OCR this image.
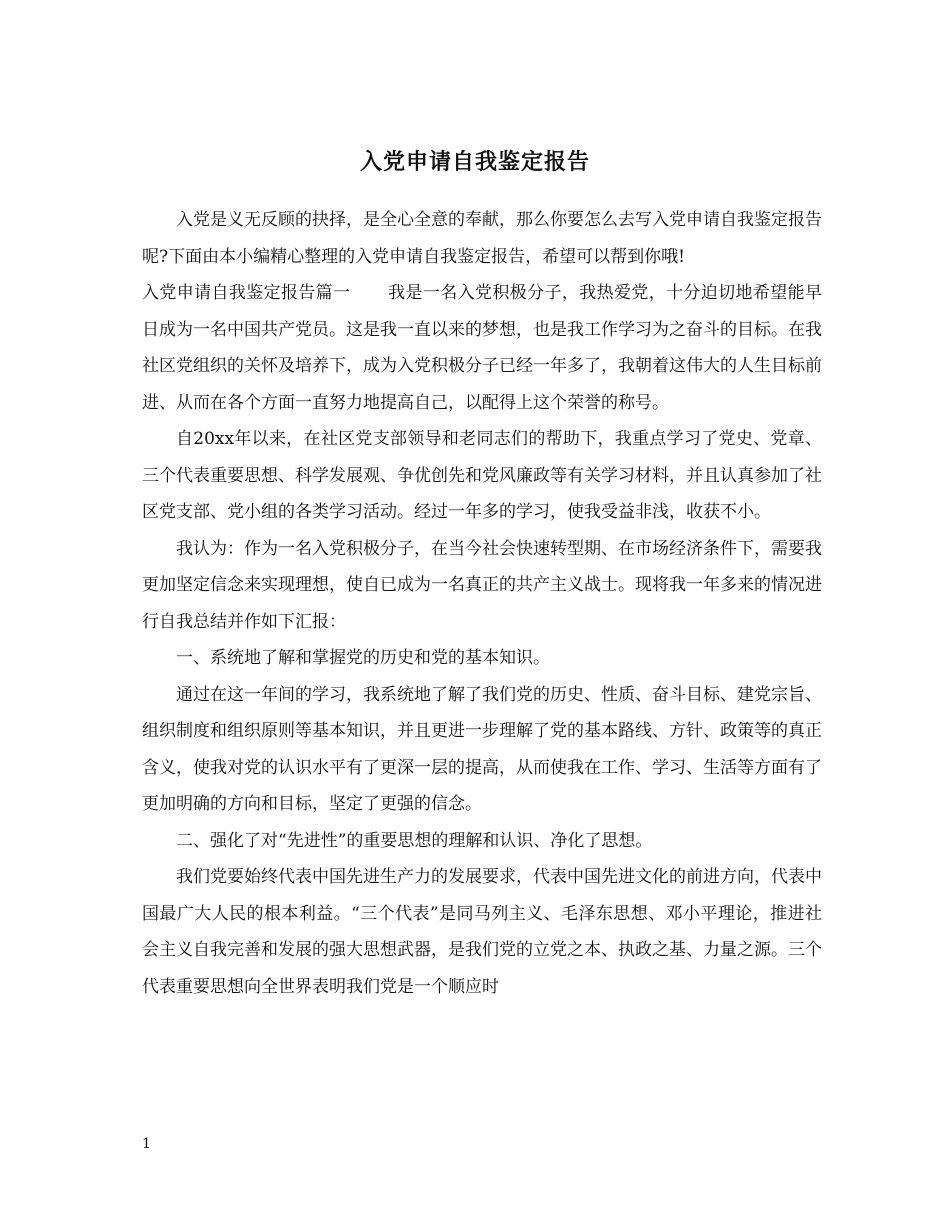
入党申请自我鉴定报告

入党是义无反顾的抉择，是全心全意的奉献，那么你要怎么去写入党申请自我鉴定报告呢?下面由本小编精心整理的入党申请自我鉴定报告，希望可以帮到你哦!

入党申请自我鉴定报告篇一 我是一名入党积极分子，我热爱党，十分迫切地希望能早日成为一名中国共产党员。这是我一直以来的梦想，也是我工作学习为之奋斗的目标。在我社区党组织的关怀及培养下，成为入党积极分子已经一年多了，我朝着这伟大的人生目标前进、从而在各个方面一直努力地提高自己，以配得上这个荣誉的称号。

自20xx年以来，在社区党支部领导和老同志们的帮助下，我重点学习了党史、党章、三个代表重要思想、科学发展观、争优创先和党风廉政等有关学习材料，并且认真参加了社区党支部、党小组的各类学习活动。经过一年多的学习，使我受益非浅，收获不小。

我认为：作为一名入党积极分子，在当今社会快速转型期、在市场经济条件下，需要我更加坚定信念来实现理想，使自已成为一名真正的共产主义战士。现将我一年多来的情况进行自我总结并作如下汇报：

一、系统地了解和掌握党的历史和党的基本知识。

通过在这一年间的学习，我系统地了解了我们党的历史、性质、奋斗目标、建党宗旨、组织制度和组织原则等基本知识，并且更进一步理解了党的基本路线、方针、政策等的真正含义，使我对党的认识水平有了更深一层的提高，从而使我在工作、学习、生活等方面有了更加明确的方向和目标，坚定了更强的信念。

二、强化了对“先进性”的重要思想的理解和认识、净化了思想。

我们党要始终代表中国先进生产力的发展要求，代表中国先进文化的前进方向，代表中国最广大人民的根本利益。“三个代表”是同马列主义、毛泽东思想、邓小平理论，推进社会主义自我完善和发展的强大思想武器，是我们党的立党之本、执政之基、力量之源。三个代表重要思想向全世界表明我们党是一个顺应时

1
